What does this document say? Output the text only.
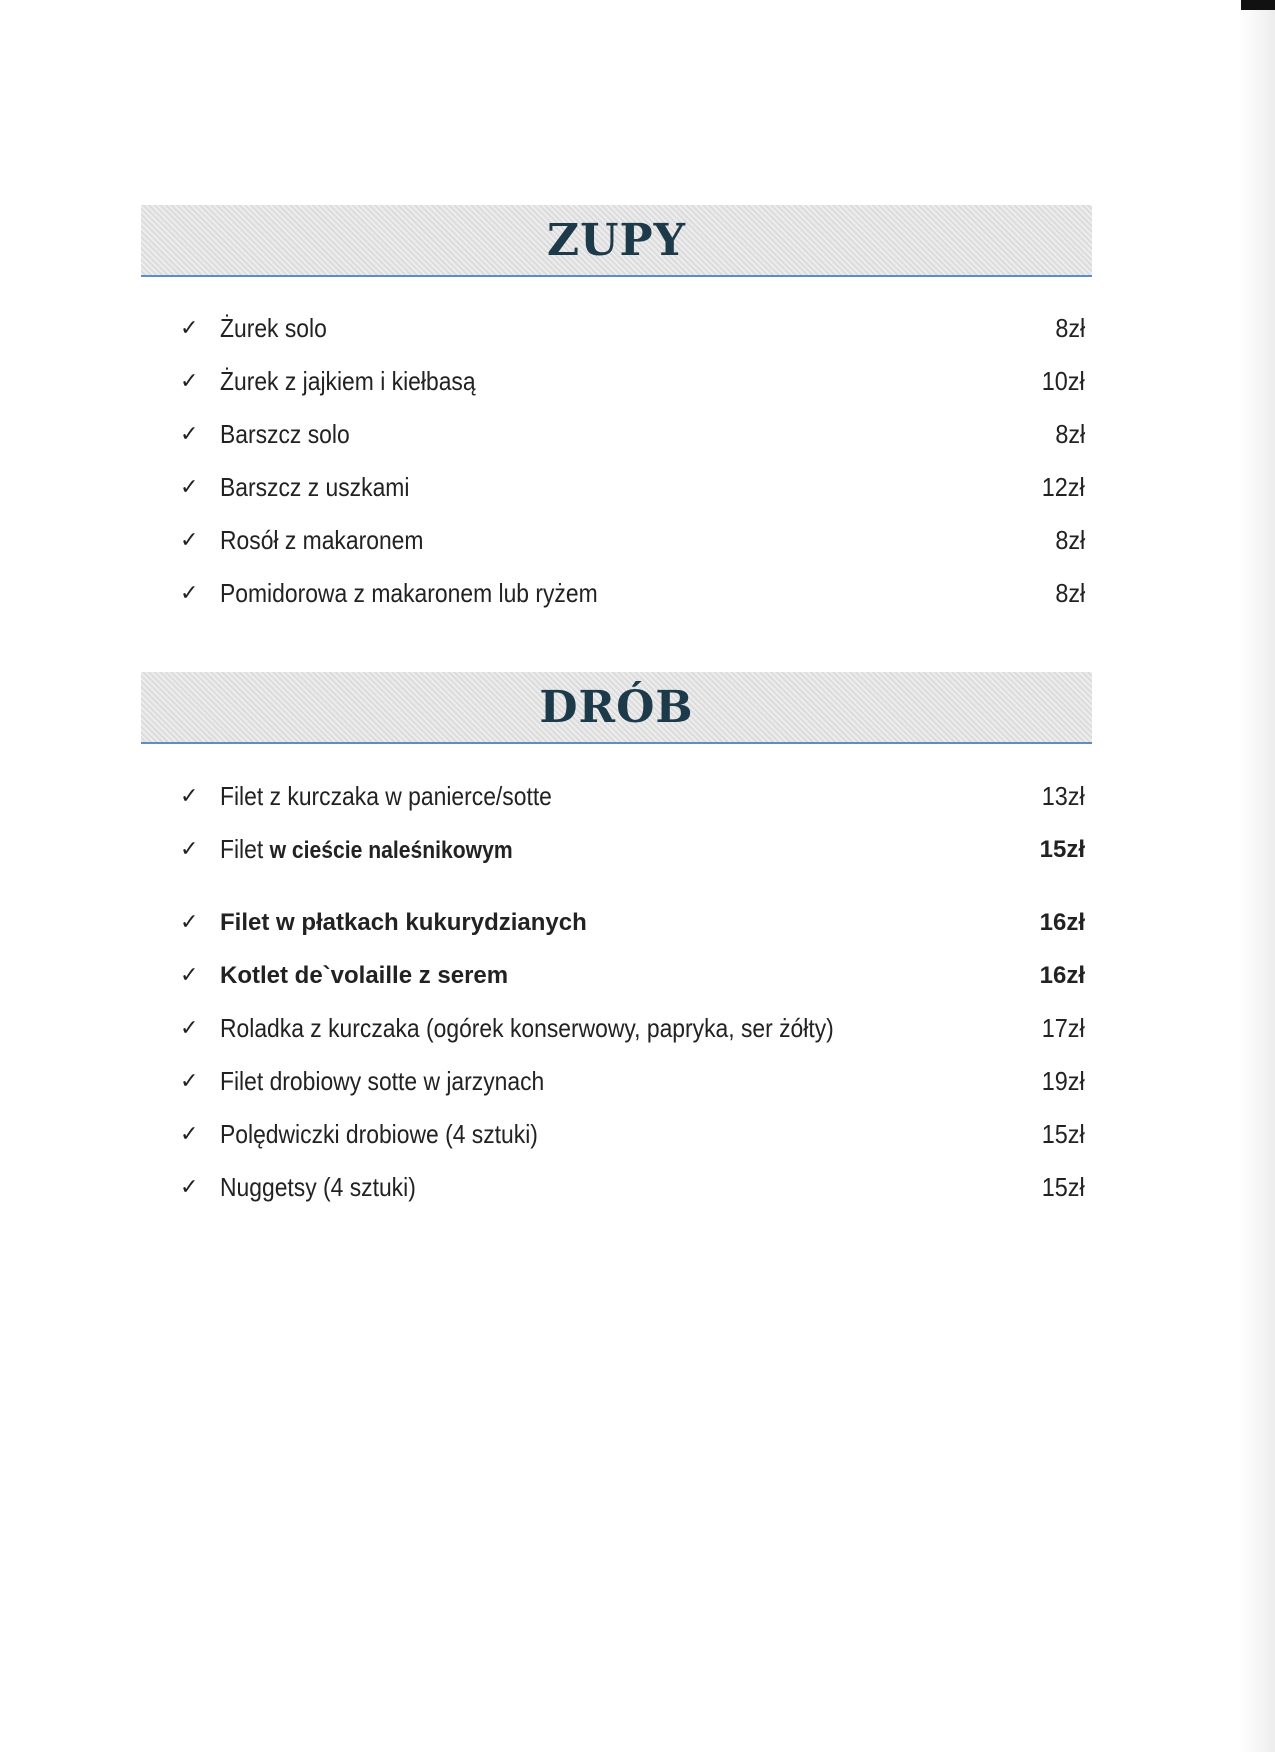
ZUPY
✓ Żurek solo	8zł
✓ Żurek z jajkiem i kiełbasą	10zł
✓ Barszcz solo	8zł
✓ Barszcz z uszkami	12zł
✓ Rosół z makaronem	8zł
✓ Pomidorowa z makaronem lub ryżem	8zł
DRÓB
✓ Filet z kurczaka w panierce/sotte	13zł
✓ Filet w cieście naleśnikowym	15zł
✓ Filet w płatkach kukurydzianych	16zł
✓ Kotlet de`volaille z serem	16zł
✓ Roladka z kurczaka (ogórek konserwowy, papryka, ser żółty)	17zł
✓ Filet drobiowy sotte w jarzynach	19zł
✓ Polędwiczki drobiowe (4 sztuki)	15zł
✓ Nuggetsy (4 sztuki)	15zł
